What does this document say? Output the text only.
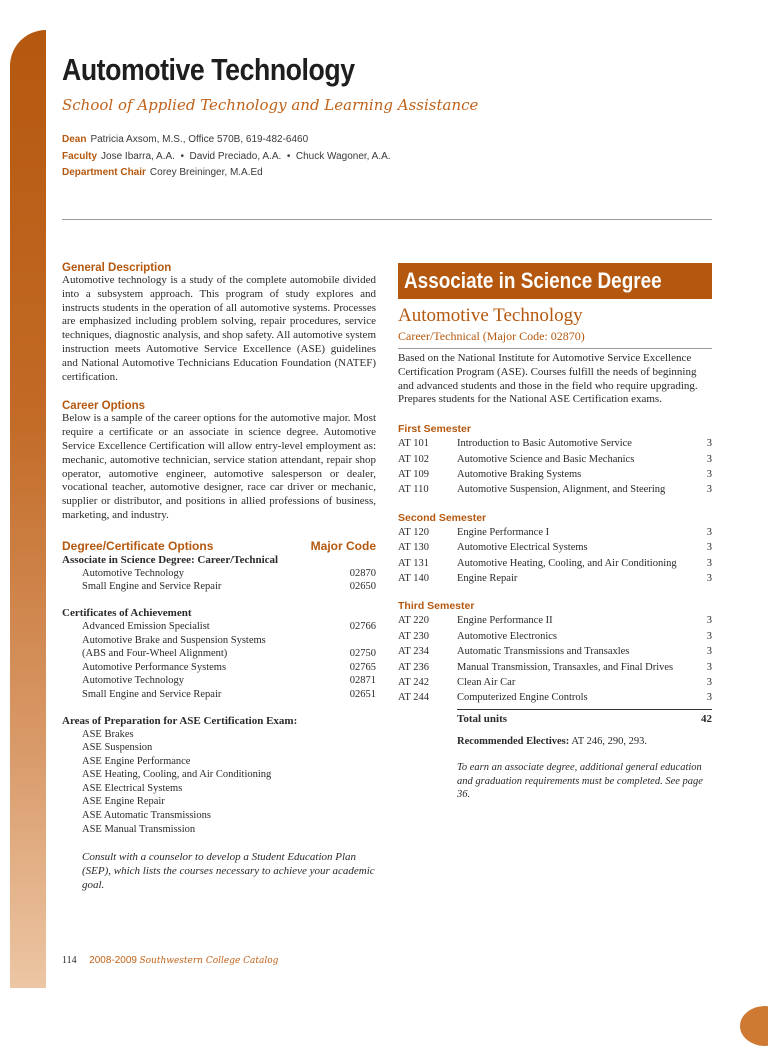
Automotive Technology
School of Applied Technology and Learning Assistance
Dean Patricia Axsom, M.S., Office 570B, 619-482-6460
Faculty Jose Ibarra, A.A.  •  David Preciado, A.A.  •  Chuck Wagoner, A.A.
Department Chair Corey Breininger, M.A.Ed
General Description

Automotive technology is a study of the complete automobile divided into a subsystem approach. This program of study explores and instructs students in the operation of all automotive systems. Processes are emphasized including problem solving, repair procedures, service techniques, diagnostic analysis, and shop safety. All automotive system instruction meets Automotive Service Excellence (ASE) guidelines and National Automotive Technicians Education Foundation (NATEF) certification.

Career Options

Below is a sample of the career options for the automotive major. Most require a certificate or an associate in science degree. Automotive Service Excellence Certification will allow entry-level employment as: mechanic, automotive technician, service station attendant, repair shop operator, automotive engineer, automotive salesperson or dealer, vocational teacher, automotive designer, race car driver or mechanic, supplier or distributor, and positions in allied professions of business, marketing, and industry.

Degree/Certificate Options	Major Code
Associate in Science Degree: Career/Technical
Automotive Technology	02870
Small Engine and Service Repair	02650
Certificates of Achievement
Advanced Emission Specialist	02766
Automotive Brake and Suspension Systems
(ABS and Four-Wheel Alignment)	02750
Automotive Performance Systems	02765
Automotive Technology	02871
Small Engine and Service Repair	02651
Areas of Preparation for ASE Certification Exam:
ASE Brakes
ASE Suspension
ASE Engine Performance
ASE Heating, Cooling, and Air Conditioning
ASE Electrical Systems
ASE Engine Repair
ASE Automatic Transmissions
ASE Manual Transmission
Consult with a counselor to develop a Student Education Plan (SEP), which lists the courses necessary to achieve your academic goal.
Associate in Science Degree
Automotive Technology
Career/Technical (Major Code: 02870)

Based on the National Institute for Automotive Service Excellence Certification Program (ASE). Courses fulfill the needs of beginning and advanced students and those in the field who require upgrading. Prepares students for the National ASE Certification exams.

First Semester
AT 101	Introduction to Basic Automotive Service	3
AT 102	Automotive Science and Basic Mechanics	3
AT 109	Automotive Braking Systems	3
AT 110	Automotive Suspension, Alignment, and Steering	3
Second Semester
AT 120	Engine Performance I	3
AT 130	Automotive Electrical Systems	3
AT 131	Automotive Heating, Cooling, and Air Conditioning	3
AT 140	Engine Repair	3
Third Semester
AT 220	Engine Performance II	3
AT 230	Automotive Electronics	3
AT 234	Automatic Transmissions and Transaxles	3
AT 236	Manual Transmission, Transaxles, and Final Drives	3
AT 242	Clean Air Car	3
AT 244	Computerized Engine Controls	3
Total units	42
Recommended Electives: AT 246, 290, 293.
To earn an associate degree, additional general education and graduation requirements must be completed. See page 36.
114 2008-2009 Southwestern College Catalog
